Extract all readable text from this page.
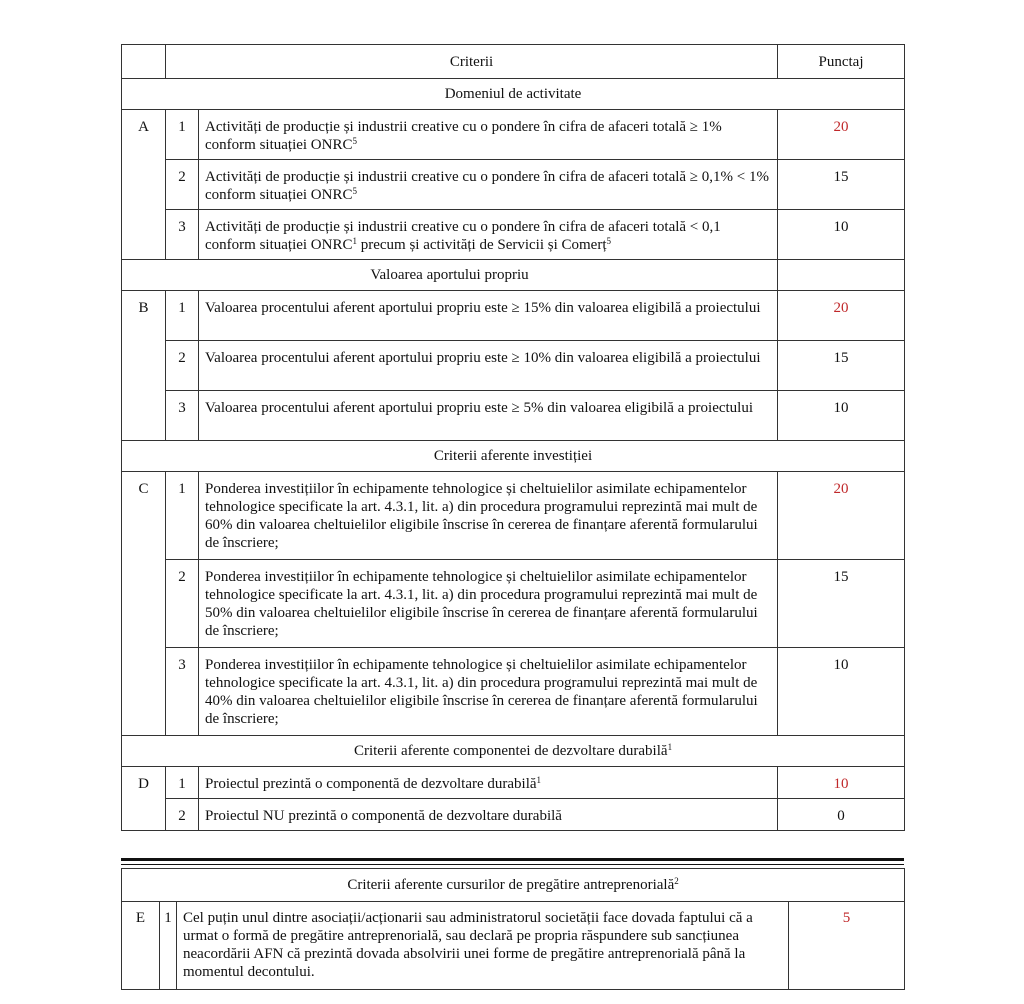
	Criterii		Punctaj
Domeniul de activitate			
A	1	Activități de producție și industrii creative cu o pondere în cifra de afaceri totală ≥ 1% conform situației ONRC$^5$	20
	2	Activități de producție și industrii creative cu o pondere în cifra de afaceri totală ≥ 0,1% < 1% conform situației ONRC$^5$	15
	3	Activități de producție și industrii creative cu o pondere în cifra de afaceri totală < 0,1 conform situației ONRC$^1$ precum și activități de Servicii și Comerț$^5$	10
Valoarea aportului propriu			
B	1	Valoarea procentului aferent aportului propriu este ≥ 15% din valoarea eligibilă a proiectului	20
	2	Valoarea procentului aferent aportului propriu este ≥ 10% din valoarea eligibilă a proiectului	15
	3	Valoarea procentului aferent aportului propriu este ≥ 5% din valoarea eligibilă a proiectului	10
Criterii aferente investiției			
C	1	Ponderea investițiilor în echipamente tehnologice și cheltuielilor asimilate echipamentelor tehnologice specificate la art. 4.3.1, lit. a) din procedura programului reprezintă mai mult de 60% din valoarea cheltuielilor eligibile înscrise în cererea de finanțare aferentă formularului de înscriere;	20
	2	Ponderea investițiilor în echipamente tehnologice și cheltuielilor asimilate echipamentelor tehnologice specificate la art. 4.3.1, lit. a) din procedura programului reprezintă mai mult de 50% din valoarea cheltuielilor eligibile înscrise în cererea de finanțare aferentă formularului de înscriere;	15
	3	Ponderea investițiilor în echipamente tehnologice și cheltuielilor asimilate echipamentelor tehnologice specificate la art. 4.3.1, lit. a) din procedura programului reprezintă mai mult de 40% din valoarea cheltuielilor eligibile înscrise în cererea de finanțare aferentă formularului de înscriere;	10
Criterii aferente componentei de dezvoltare durabilă$^1$
D	1	Proiectul prezintă o componentă de dezvoltare durabilă$^1$	10
	2	Proiectul NU prezintă o componentă de dezvoltare durabilă	0
Criterii aferente cursurilor de pregătire antreprenorială$^2$
E	1	Cel puțin unul dintre asociații/acționarii sau administratorul societății face dovada faptului că a urmat o formă de pregătire antreprenorială, sau declară pe propria răspundere sub sancțiunea neacordării AFN că prezintă dovada absolvirii unei forme de pregătire antreprenorială până la momentul decontului.	5
